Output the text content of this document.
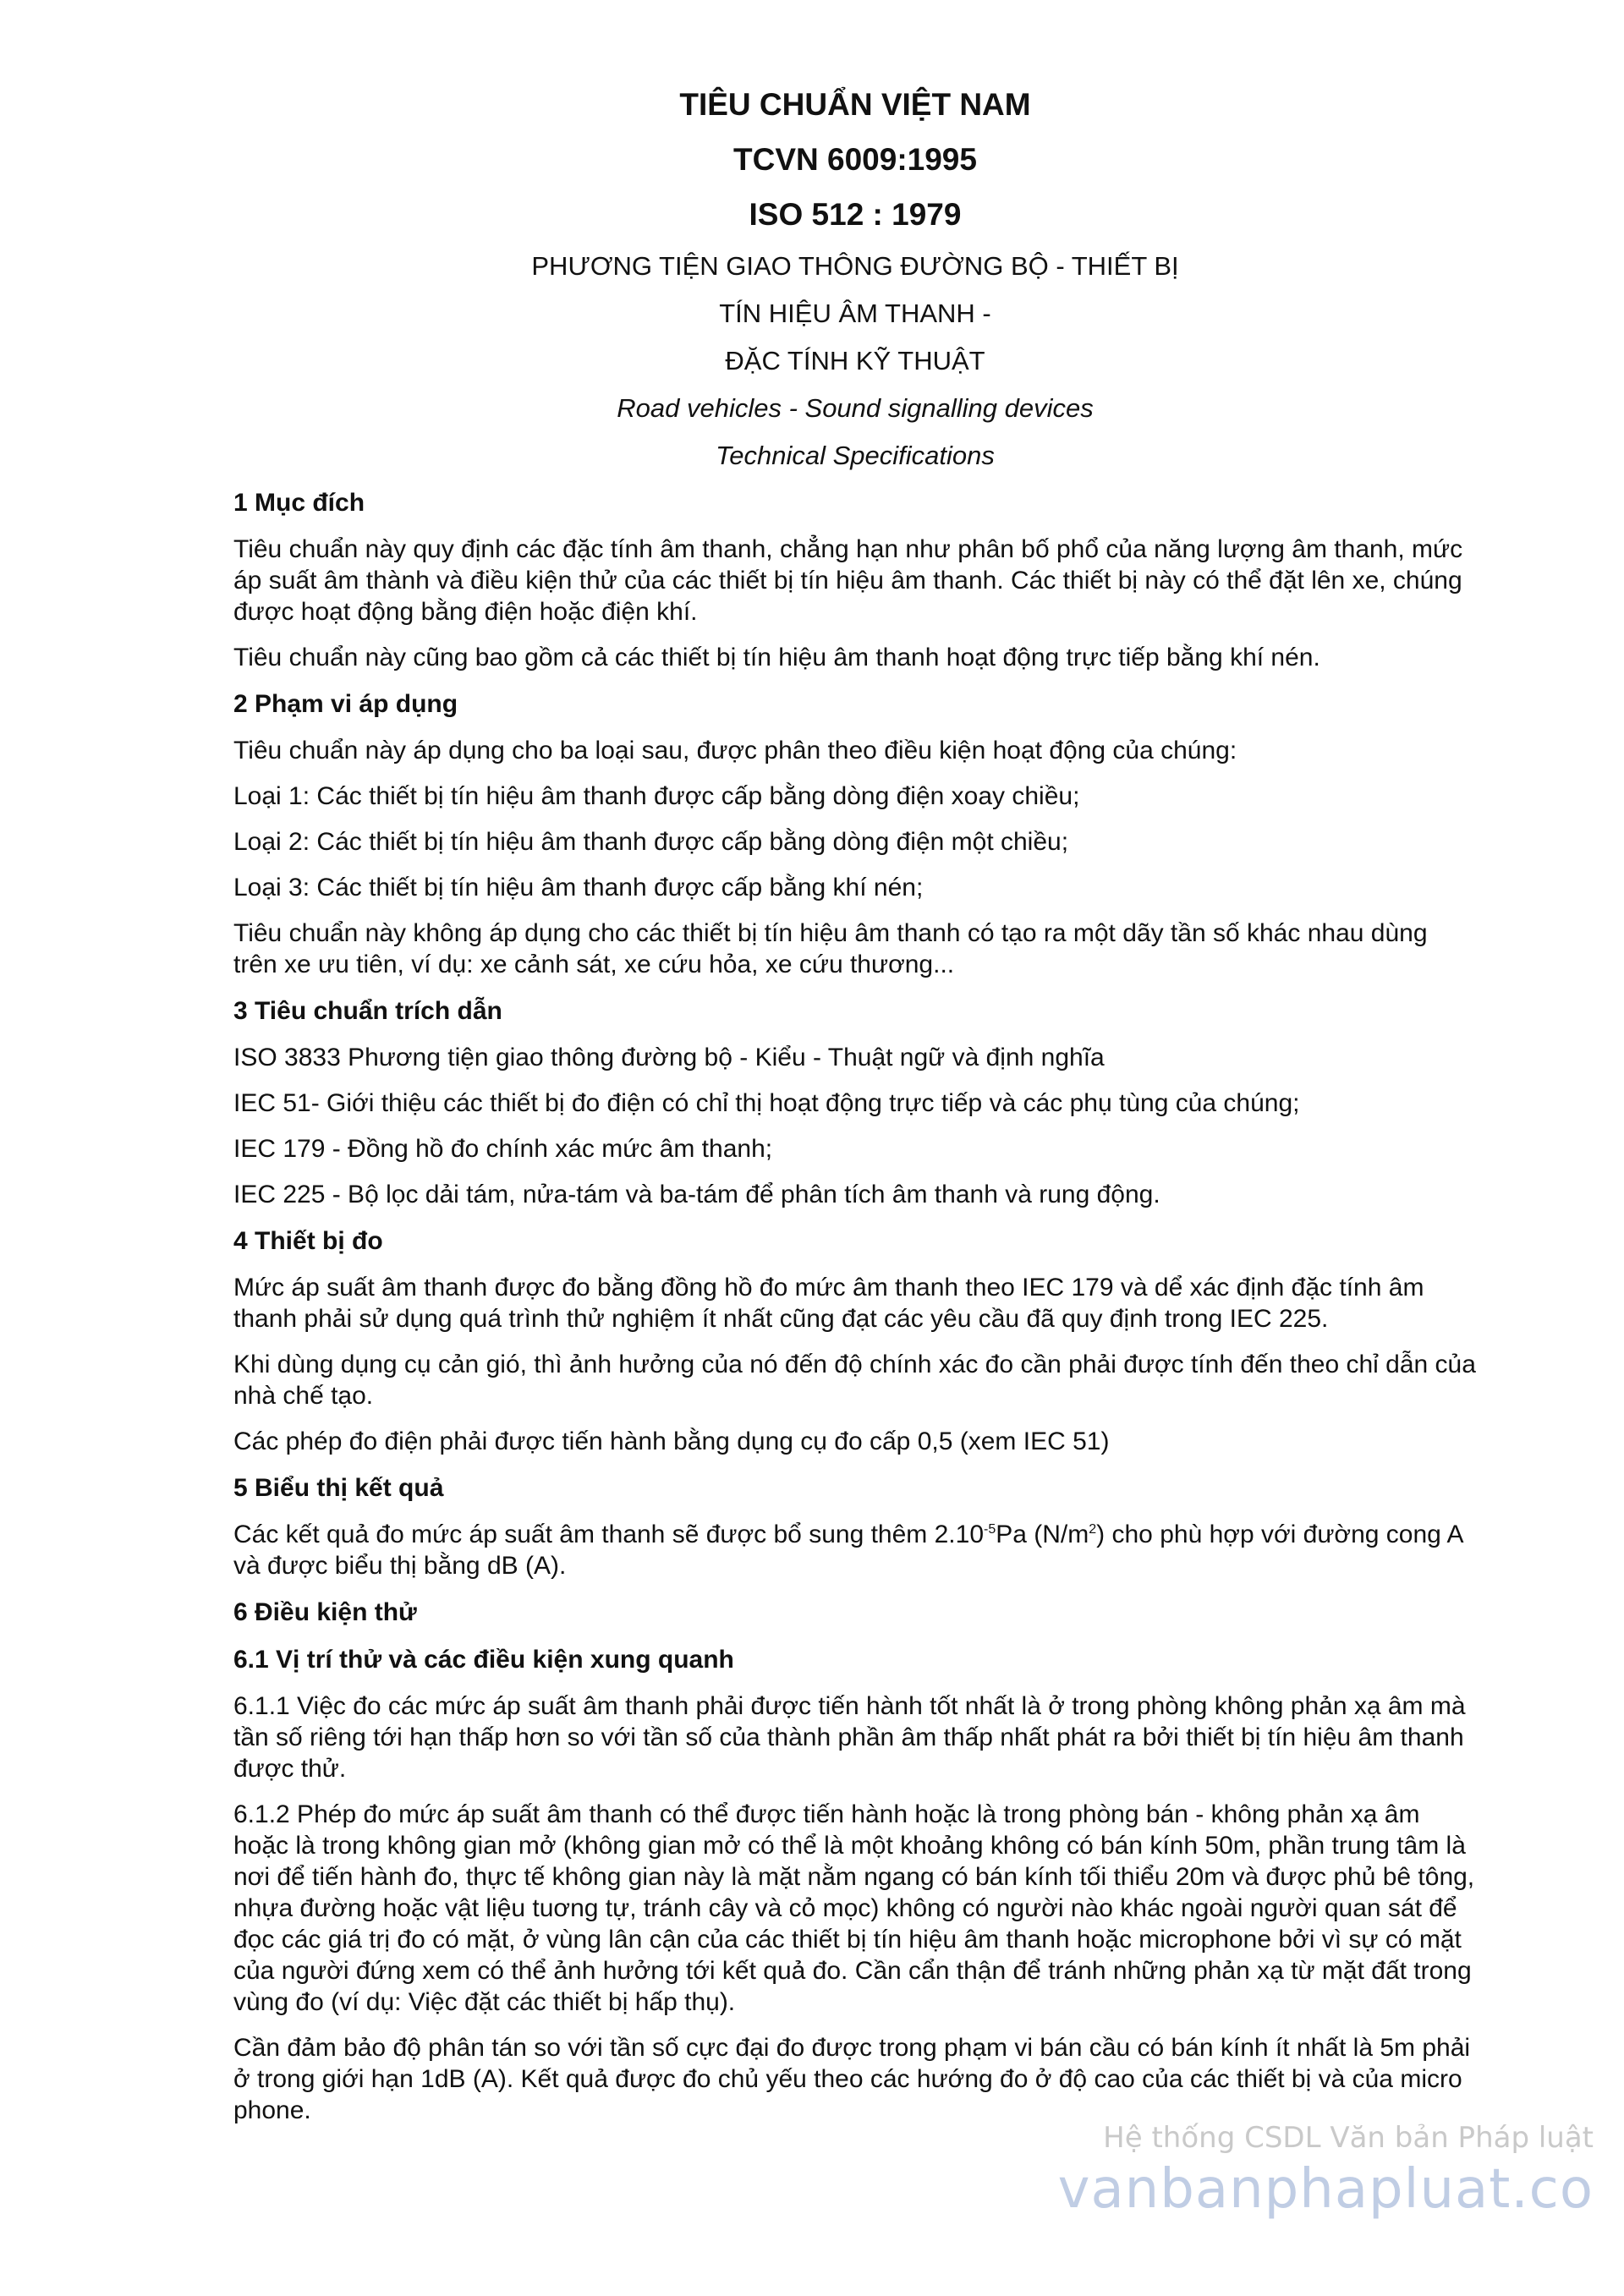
TIÊU CHUẨN VIỆT NAM
TCVN 6009:1995
ISO 512 : 1979
PHƯƠNG TIỆN GIAO THÔNG ĐƯỜNG BỘ - THIẾT BỊ
TÍN HIỆU ÂM THANH -
ĐẶC TÍNH KỸ THUẬT
Road vehicles - Sound signalling devices
Technical Specifications
1 Mục đích

Tiêu chuẩn này quy định các đặc tính âm thanh, chẳng hạn như phân bố phổ của năng lượng âm thanh, mức áp suất âm thành và điều kiện thử của các thiết bị tín hiệu âm thanh. Các thiết bị này có thể đặt lên xe, chúng được hoạt động bằng điện hoặc điện khí.

Tiêu chuẩn này cũng bao gồm cả các thiết bị tín hiệu âm thanh hoạt động trực tiếp bằng khí nén.

2 Phạm vi áp dụng

Tiêu chuẩn này áp dụng cho ba loại sau, được phân theo điều kiện hoạt động của chúng:

Loại 1: Các thiết bị tín hiệu âm thanh được cấp bằng dòng điện xoay chiều;

Loại 2: Các thiết bị tín hiệu âm thanh được cấp bằng dòng điện một chiều;

Loại 3: Các thiết bị tín hiệu âm thanh được cấp bằng khí nén;

Tiêu chuẩn này không áp dụng cho các thiết bị tín hiệu âm thanh có tạo ra một dãy tần số khác nhau dùng trên xe ưu tiên, ví dụ: xe cảnh sát, xe cứu hỏa, xe cứu thương...

3 Tiêu chuẩn trích dẫn

ISO 3833 Phương tiện giao thông đường bộ - Kiểu - Thuật ngữ và định nghĩa

IEC 51- Giới thiệu các thiết bị đo điện có chỉ thị hoạt động trực tiếp và các phụ tùng của chúng;

IEC 179 - Đồng hồ đo chính xác mức âm thanh;

IEC 225 - Bộ lọc dải tám, nửa-tám và ba-tám để phân tích âm thanh và rung động.

4 Thiết bị đo

Mức áp suất âm thanh được đo bằng đồng hồ đo mức âm thanh theo IEC 179 và dể xác định đặc tính âm thanh phải sử dụng quá trình thử nghiệm ít nhất cũng đạt các yêu cầu đã quy định trong IEC 225.

Khi dùng dụng cụ cản gió, thì ảnh hưởng của nó đến độ chính xác đo cần phải được tính đến theo chỉ dẫn của nhà chế tạo.

Các phép đo điện phải được tiến hành bằng dụng cụ đo cấp 0,5 (xem IEC 51)

5 Biểu thị kết quả

Các kết quả đo mức áp suất âm thanh sẽ được bổ sung thêm $2.10^{-5}Pa$ $(N/m^2)$ cho phù hợp với đường cong A và được biểu thị bằng dB (A).

6 Điều kiện thử
6.1 Vị trí thử và các điều kiện xung quanh

6.1.1 Việc đo các mức áp suất âm thanh phải được tiến hành tốt nhất là ở trong phòng không phản xạ âm mà tần số riêng tới hạn thấp hơn so với tần số của thành phần âm thấp nhất phát ra bởi thiết bị tín hiệu âm thanh được thử.

6.1.2 Phép đo mức áp suất âm thanh có thể được tiến hành hoặc là trong phòng bán - không phản xạ âm hoặc là trong không gian mở (không gian mở có thể là một khoảng không có bán kính 50m, phần trung tâm là nơi để tiến hành đo, thực tế không gian này là mặt nằm ngang có bán kính tối thiểu 20m và được phủ bê tông, nhựa đường hoặc vật liệu tuơng tự, tránh cây và cỏ mọc) không có người nào khác ngoài người quan sát để đọc các giá trị đo có mặt, ở vùng lân cận của các thiết bị tín hiệu âm thanh hoặc microphone bởi vì sự có mặt của người đứng xem có thể ảnh hưởng tới kết quả đo. Cần cẩn thận để tránh những phản xạ từ mặt đất trong vùng đo (ví dụ: Việc đặt các thiết bị hấp thụ).

Cần đảm bảo độ phân tán so với tần số cực đại đo được trong phạm vi bán cầu có bán kính ít nhất là 5m phải ở trong giới hạn 1dB (A). Kết quả được đo chủ yếu theo các hướng đo ở độ cao của các thiết bị và của micro phone.

Hệ thống CSDL Văn bản Pháp luật
vanbanphapluat.co
